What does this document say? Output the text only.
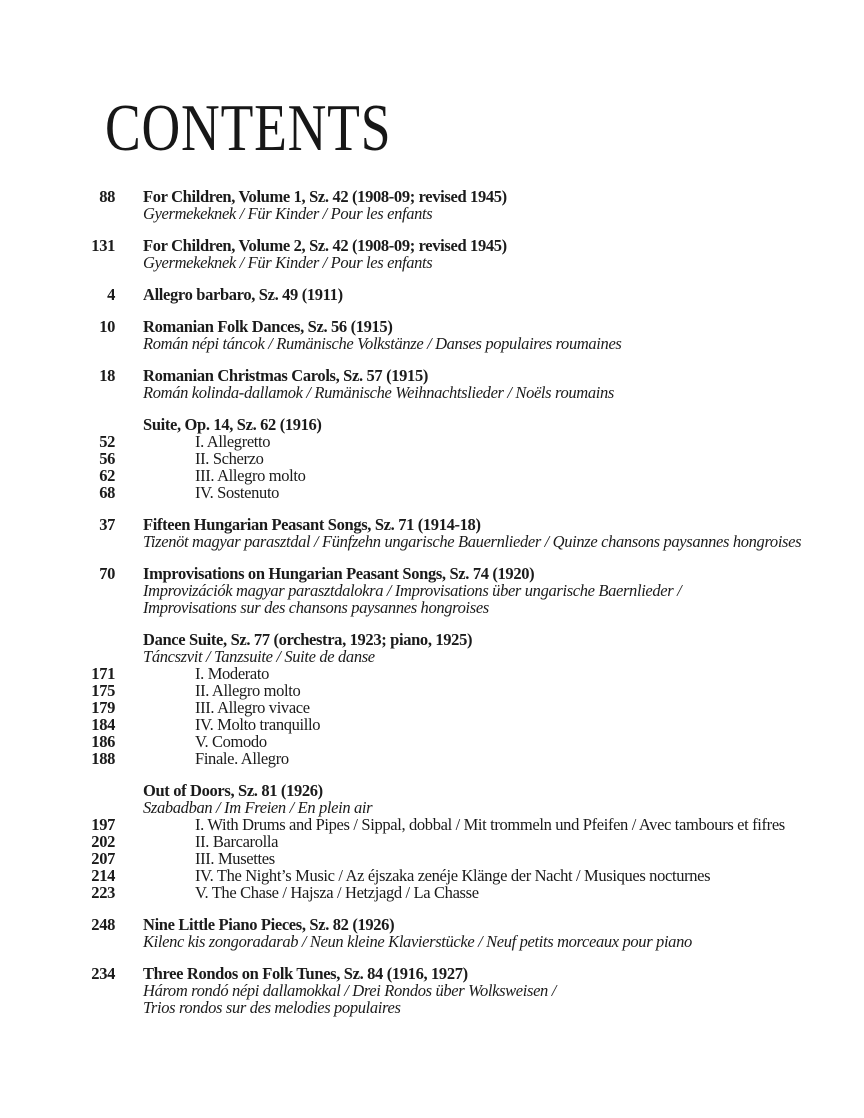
CONTENTS
88 For Children, Volume 1, Sz. 42 (1908-09; revised 1945)
Gyermekeknek / Für Kinder / Pour les enfants
131 For Children, Volume 2, Sz. 42 (1908-09; revised 1945)
Gyermekeknek / Für Kinder / Pour les enfants
4 Allegro barbaro, Sz. 49 (1911)
10 Romanian Folk Dances, Sz. 56 (1915)
Román népi táncok / Rumänische Volkstänze / Danses populaires roumaines
18 Romanian Christmas Carols, Sz. 57 (1915)
Román kolinda-dallamok / Rumänische Weihnachtslieder / Noëls roumains
Suite, Op. 14, Sz. 62 (1916)
52	I. Allegretto
56	II. Scherzo
62	III. Allegro molto
68	IV. Sostenuto
37 Fifteen Hungarian Peasant Songs, Sz. 71 (1914-18)
Tizenöt magyar parasztdal / Fünfzehn ungarische Bauernlieder / Quinze chansons paysannes hongroises
70 Improvisations on Hungarian Peasant Songs, Sz. 74 (1920)
Improvizációk magyar parasztdalokra / Improvisations über ungarische Baernlieder /
Improvisations sur des chansons paysannes hongroises
Dance Suite, Sz. 77 (orchestra, 1923; piano, 1925)
Táncszvit / Tanzsuite / Suite de danse
171	I. Moderato
175	II. Allegro molto
179	III. Allegro vivace
184	IV. Molto tranquillo
186	V. Comodo
188	Finale. Allegro
Out of Doors, Sz. 81 (1926)
Szabadban / Im Freien / En plein air
197	I. With Drums and Pipes / Sippal, dobbal / Mit trommeln und Pfeifen / Avec tambours et fifres
202	II. Barcarolla
207	III. Musettes
214	IV. The Night’s Music / Az éjszaka zenéje Klänge der Nacht / Musiques nocturnes
223	V. The Chase / Hajsza / Hetzjagd / La Chasse
248 Nine Little Piano Pieces, Sz. 82 (1926)
Kilenc kis zongoradarab / Neun kleine Klavierstücke / Neuf petits morceaux pour piano
234 Three Rondos on Folk Tunes, Sz. 84 (1916, 1927)
Három rondó népi dallamokkal / Drei Rondos über Wolksweisen /
Trios rondos sur des melodies populaires
